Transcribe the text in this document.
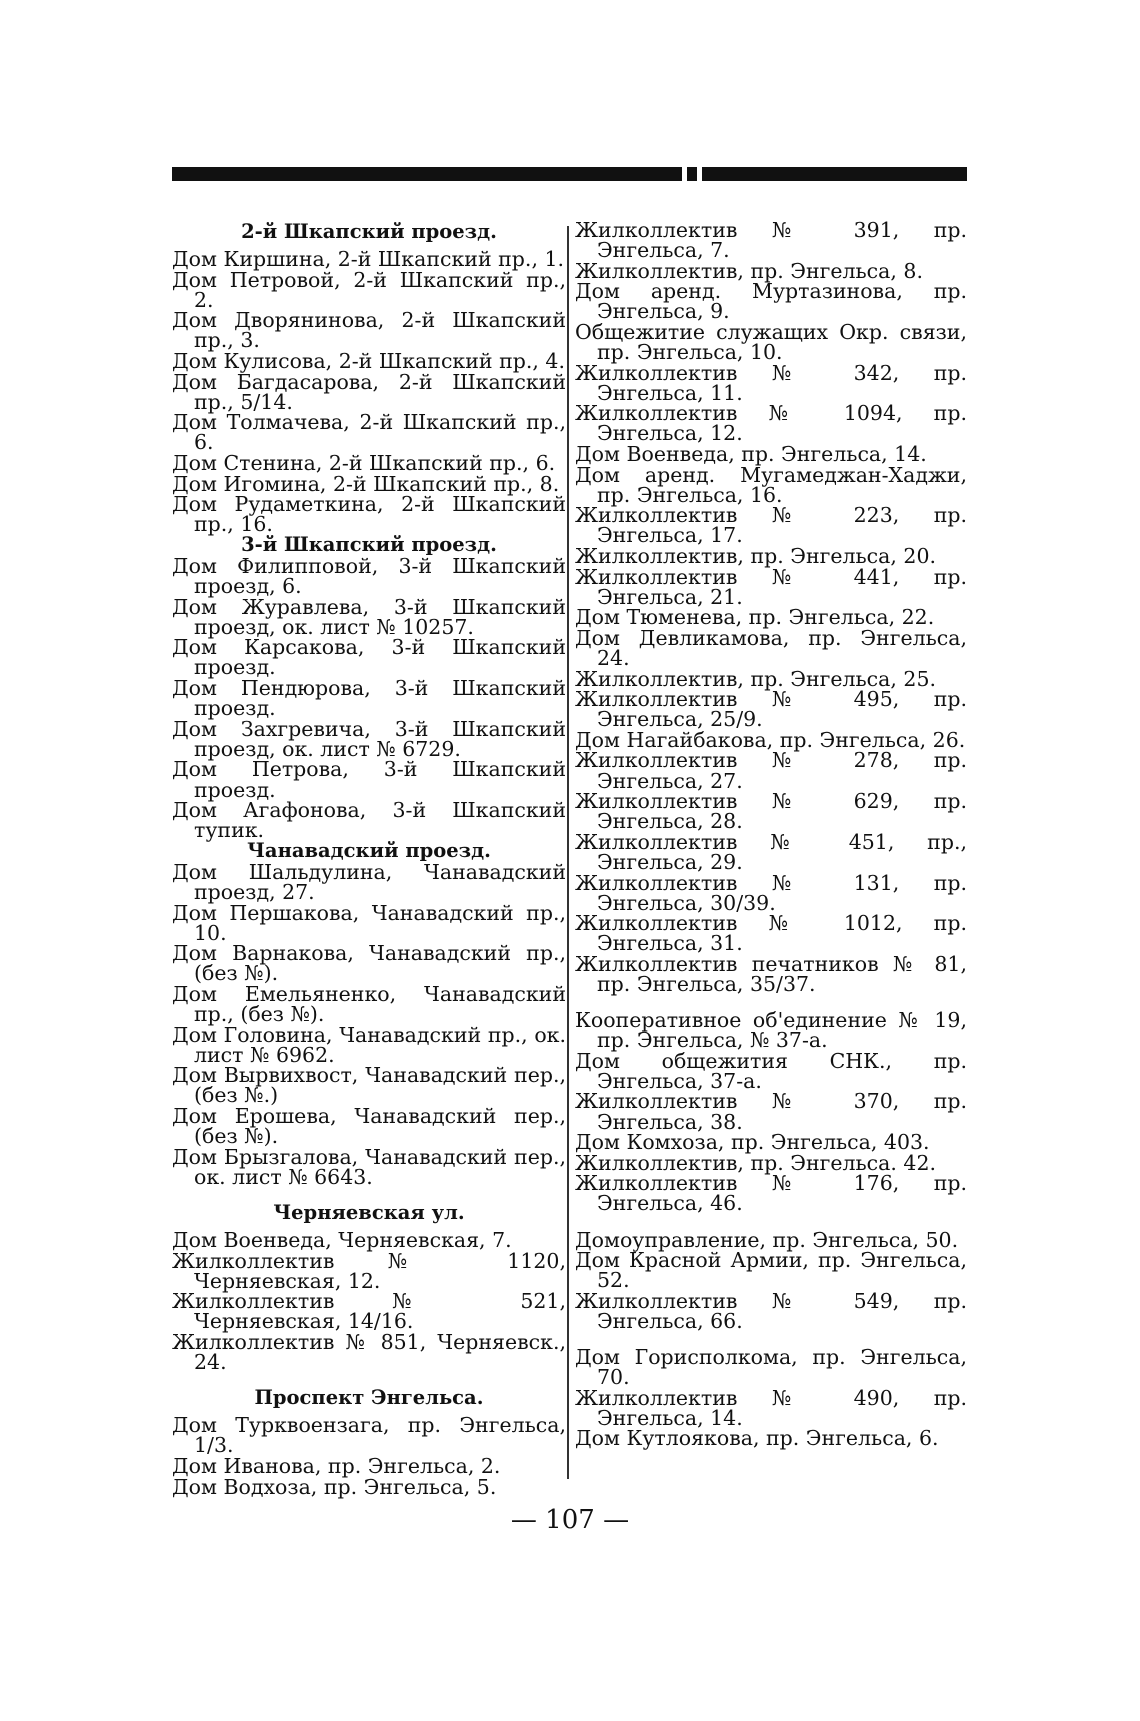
2-й Шкапский проезд.

Дом Киршина, 2-й Шкапский пр., 1.

Дом Петровой, 2-й Шкапский пр., 2.

Дом Дворянинова, 2-й Шкапский пр., 3.

Дом Кулисова, 2-й Шкапский пр., 4.

Дом Багдасарова, 2-й Шкапский пр., 5/14.

Дом Толмачева, 2-й Шкапский пр., 6.

Дом Стенина, 2-й Шкапский пр., 6.

Дом Игомина, 2-й Шкапский пр., 8.

Дом Рудаметкина, 2-й Шкапский пр., 16.

3-й Шкапский проезд.

Дом Филипповой, 3-й Шкапский проезд, 6.

Дом Журавлева, 3-й Шкапский проезд, ок. лист № 10257.

Дом Карсакова, 3-й Шкапский проезд.

Дом Пендюрова, 3-й Шкапский проезд.

Дом Захгревича, 3-й Шкапский проезд, ок. лист № 6729.

Дом Петрова, 3-й Шкапский проезд.

Дом Агафонова, 3-й Шкапский тупик.

Чанавадский проезд.

Дом Шальдулина, Чанавадский проезд, 27.

Дом Першакова, Чанавадский пр., 10.

Дом Варнакова, Чанавадский пр., (без №).

Дом Емельяненко, Чанавадский пр., (без №).

Дом Головина, Чанавадский пр., ок. лист № 6962.

Дом Вырвихвост, Чанавадский пер., (без №.)

Дом Ерошева, Чанавадский пер., (без №).

Дом Брызгалова, Чанавадский пер., ок. лист № 6643.

Черняевская ул.

Дом Военведа, Черняевская, 7.

Жилколлектив № 1120, Черняевская, 12.

Жилколлектив № 521, Черняевская, 14/16.

Жилколлектив № 851, Черняевск., 24.

Проспект Энгельса.

Дом Турквоензага, пр. Энгельса, 1/3.

Дом Иванова, пр. Энгельса, 2.

Дом Водхоза, пр. Энгельса, 5.

Жилколлектив № 391, пр. Энгельса, 7.

Жилколлектив, пр. Энгельса, 8.

Дом аренд. Муртазинова, пр. Энгельса, 9.

Общежитие служащих Окр. связи, пр. Энгельса, 10.

Жилколлектив № 342, пр. Энгельса, 11.

Жилколлектив № 1094, пр. Энгельса, 12.

Дом Военведа, пр. Энгельса, 14.

Дом аренд. Мугамеджан-Хаджи, пр. Энгельса, 16.

Жилколлектив № 223, пр. Энгельса, 17.

Жилколлектив, пр. Энгельса, 20.

Жилколлектив № 441, пр. Энгельса, 21.

Дом Тюменева, пр. Энгельса, 22.

Дом Девликамова, пр. Энгельса, 24.

Жилколлектив, пр. Энгельса, 25.

Жилколлектив № 495, пр. Энгельса, 25/9.

Дом Нагайбакова, пр. Энгельса, 26.

Жилколлектив № 278, пр. Энгельса, 27.

Жилколлектив № 629, пр. Энгельса, 28.

Жилколлектив № 451, пр., Энгельса, 29.

Жилколлектив № 131, пр. Энгельса, 30/39.

Жилколлектив № 1012, пр. Энгельса, 31.

Жилколлектив печатников № 81, пр. Энгельса, 35/37.

Кооперативное об'единение № 19, пр. Энгельса, № 37-а.

Дом общежития СНК., пр. Энгельса, 37-а.

Жилколлектив № 370, пр. Энгельса, 38.

Дом Комхоза, пр. Энгельса, 403.

Жилколлектив, пр. Энгельса. 42.

Жилколлектив № 176, пр. Энгельса, 46.

Домоуправление, пр. Энгельса, 50.

Дом Красной Армии, пр. Энгельса, 52.

Жилколлектив № 549, пр. Энгельса, 66.

Дом Горисполкома, пр. Энгельса, 70.

Жилколлектив № 490, пр. Энгельса, 14.

Дом Кутлоякова, пр. Энгельса, 6.

— 107 —
